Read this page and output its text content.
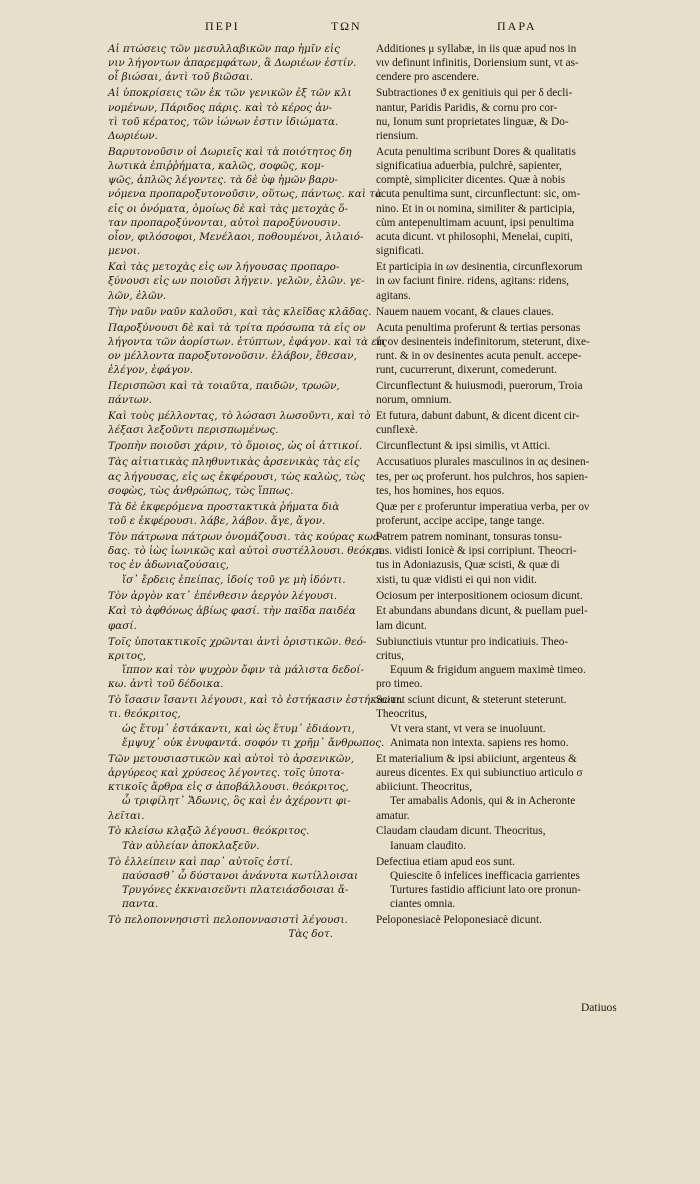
ΠΕΡΙ	ΤΩΝ	ΠΑΡΑ
Αἱ πτώσεις τῶν μεσυλλαβικῶν παρ ἡμῖν εἰς
νιν λήγοντων ἀπαρεμφάτων, ἃ Δωριέων ἐστίν.
οἷ βιώσαι, ἀντὶ τοῦ βιῶσαι.
Αἱ ὑποκρίσεις τῶν ἐκ τῶν γενικῶν ἐξ τῶν κλι
νομένων, Πάριδος πάρις. καὶ τὸ κέρος ἀν-
τὶ τοῦ κέρατος, τῶν ἰώνων ἐστιν ἰδιώματα.
Δωριέων.
Βαρυτονοῦσιν οἱ Δωριεῖς καὶ τὰ ποιότητος δη
λωτικὰ ἐπιῤῥήματα, καλῶς, σοφῶς, κομ-
ψῶς, ἁπλῶς λέγοντες. τὰ δὲ ὑφ ἡμῶν βαρυ-
νόμενα προπαροξυτονοῦσιν, οὕτως, πάντως. καὶ τὰ
εἰς οι ὀνόματα, ὁμοίως δὲ καὶ τὰς μετοχὰς ὅ-
ταν προπαροξύνονται, αὐτοὶ παροξύνουσιν.
οἷον, φιλόσοφοι, Μενέλαοι, ποθουμένοι, λιλαιό-
μενοι.
Καὶ τὰς μετοχὰς εἰς ων λήγουσας προπαρο-
ξύνουσι εἰς ων ποιοῦσι λήγειν. γελῶν, ἐλῶν. γε-
λῶν, ἐλῶν.
Τὴν ναῦν ναῦν καλοῦσι, καὶ τὰς κλεῖδας κλᾶδας.
Παροξύνουσι δὲ καὶ τὰ τρίτα πρόσωπα τὰ εἰς ον
λήγοντα τῶν ἀορίστων. ἐτύπτων, ἐφάγον. καὶ τὰ εἰς
ον μέλλοντα παροξυτονοῦσιν. ἐλάβον, ἔθεσαν,
ἐλέγον, ἐφάγον.
Περισπῶσι καὶ τὰ τοιαῦτα, παιδῶν, τρωῶν,
πάντων.
Καὶ τοὺς μέλλοντας, τὸ λώσασι λωσοῦντι, καὶ τὸ
λέξασι λεξοῦντι περισπωμένως.
Τροπὴν ποιοῦσι χάριν, τὸ ὅμοιος, ὡς οἱ ἀττικοί.
Τὰς αἰτιατικὰς πληθυντικὰς ἀρσενικὰς τὰς εἰς
ας λήγουσας, εἰς ως ἐκφέρουσι, τὼς καλὼς, τὼς
σοφὼς, τὼς ἀνθρώπως, τὼς ἵππως.
Τὰ δὲ ἐκφερόμενα προστακτικὰ ῥήματα διὰ
τοῦ ε ἐκφέρουσι. λάβε, λάβον. ἄγε, ἄγον.
Τὸν πάτρωνα πάτρων ὀνομάζουσι. τὰς κούρας κωά-
δας. τὸ ἰὼς ἰωνικῶς καὶ αὐτοὶ συστέλλουσι. θεόκρι
τος ἐν ἀδωνιαζούσαις,
ἴσ᾽ ἔρδεις ἐπείπας, ἰδοίς τοῦ γε μὴ ἰδόντι.
Τὸν ἀργὸν κατ᾽ ἐπένθεσιν ἀεργὸν λέγουσι.
Καὶ τὸ ἀφθόνως ἀβίως φασί. τὴν παῖδα παιδέα
φασί.
Τοῖς ὑποτακτικοῖς χρῶνται ἀντὶ ὁριστικῶν. θεό-
κριτος,
ἵππον καὶ τὸν ψυχρὸν ὄφιν τὰ μάλιστα δεδοί-
κω. ἀντὶ τοῦ δέδοικα.
Τὸ ἴσασιν ἴσαντι λέγουσι, καὶ τὸ ἑστήκασιν ἑστήκαντι.
τι. θεόκριτος,
ὡς ἔτυμ᾽ ἑστάκαντι, καὶ ὡς ἔτυμ᾽ ἐδιάοντι,
ἔμψυχ᾽ οὐκ ἐνυφαντά. σοφόν τι χρῆμ᾽ ἄνθρωπος.
Τῶν μετουσιαστικῶν καὶ αὐτοὶ τὸ ἀρσενικῶν,
ἀργύρεος καὶ χρύσεος λέγοντες. τοῖς ὑποτα-
κτικοῖς ἄρθρα εἰς σ ἀποβάλλουσι. θεόκριτος,
ὦ τριφίλητ᾽ Ἄδωνις, ὃς καὶ ἐν ἀχέροντι φι-
λεῖται.
Τὸ κλείσω κλᾳξῶ λέγουσι. θεόκριτος.
Τὰν αὐλείαν ἀποκλαξεῦν.
Τὸ ἐλλείπειν καὶ παρ᾽ αὐτοῖς ἐστί.
παύσασθ᾽ ὦ δύστανοι ἀνάνυτα κωτίλλοισαι
Τρυγόνες ἐκκναισεῦντι πλατειάσδοισαι ἅ-
παντα.
Τὸ πελοποννησιστὶ πελοποννασιστὶ λέγουσι.
Τὰς δοτ.
Additiones μ syllabæ, in iis quæ apud nos in
νιν definunt infinitis, Doriensium sunt, vt as-
cendere pro ascendere.
Subtractiones ϑ ex genitiuis qui per δ decli-
nantur, Paridis Paridis, & cornu pro cor-
nu, Ionum sunt proprietates linguæ, & Do-
riensium.
Acuta penultima scribunt Dores & qualitatis
significatiua aduerbia, pulchrè, sapienter,
comptè, simpliciter dicentes. Quæ à nobis
acuta penultima sunt, circunflectunt: sic, om-
nino. Et in οι nomina, similiter & participia,
cùm antepenultimam acuunt, ipsi penultima
acuta dicunt. vt philosophi, Menelai, cupiti,
significati.
Et participia in ων desinentia, circunflexorum
in ων faciunt finire. ridens, agitans: ridens,
agitans.
Nauem nauem vocant, & claues claues.
Acuta penultima proferunt & tertias personas
in ον desinenteis indefinitorum, steterunt, dixe-
runt. & in ον desinentes acuta penult. accepe-
runt, cucurrerunt, dixerunt, comederunt.
Circunflectunt & huiusmodi, puerorum, Troia
norum, omnium.
Et futura, dabunt dabunt, & dicent dicent cir-
cunflexè.
Circunflectunt & ipsi similis, vt Attici.
Accusatiuos plurales masculinos in ας desinen-
tes, per ως proferunt. hos pulchros, hos sapien-
tes, hos homines, hos equos.
Quæ per ε proferuntur imperatiua verba, per ον
proferunt, accipe accipe, tange tange.
Patrem patrem nominant, tonsuras tonsu-
ras. vidisti Ionicè & ipsi corripiunt. Theocri-
tus in Adoniazusis, Quæ scisti, & quæ di
xisti, tu quæ vidisti ei qui non vidit.
Ociosum per interpositionem ociosum dicunt.
Et abundans abundans dicunt, & puellam puel-
lam dicunt.
Subiunctiuis vtuntur pro indicatiuis. Theo-
critus,
Equum & frigidum anguem maximè timeo.
pro timeo.
Sciunt sciunt dicunt, & steterunt steterunt.
Theocritus,
Vt vera stant, vt vera se inuoluunt.
Animata non intexta. sapiens res homo.
Et materialium & ipsi abiiciunt, argenteus &
aureus dicentes. Ex qui subiunctiuo articulo σ
abiiciunt. Theocritus,
Ter amabalis Adonis, qui & in Acheronte
amatur.
Claudam claudam dicunt. Theocritus,
Ianuam claudito.
Defectiua etiam apud eos sunt.
Quiescite ô infelices inefficacia garrientes
Turtures fastidio afficiunt lato ore pronun-
ciantes omnia.
Peloponesiacè Peloponesiacè dicunt.
Datiuos
